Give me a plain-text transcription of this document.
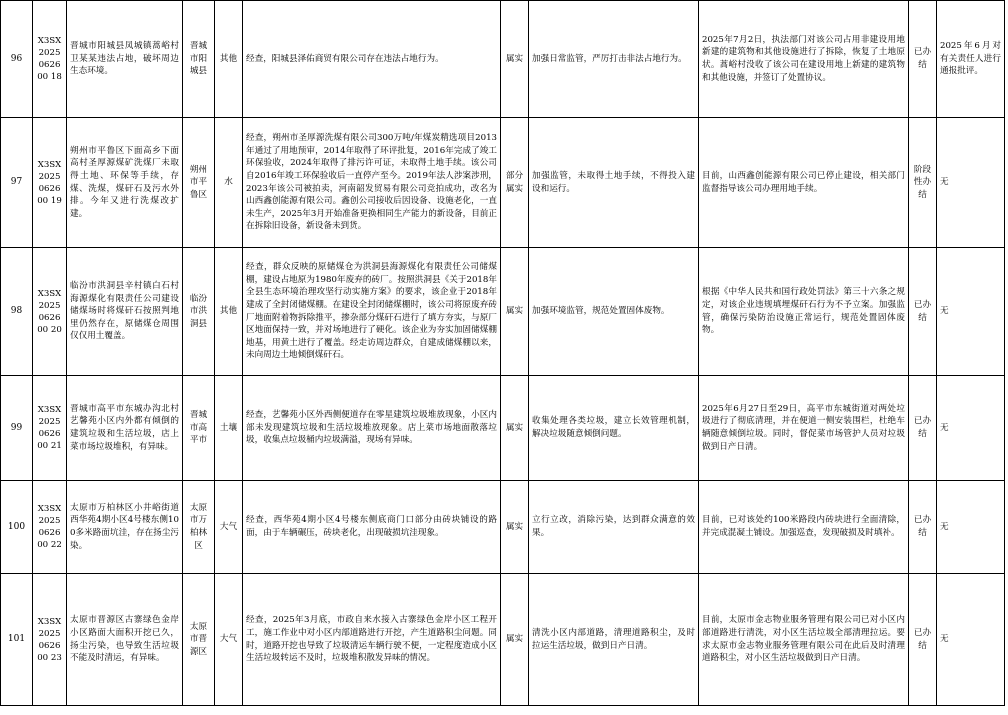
96	X3SX2025062600 18	晋城市阳城县凤城镇蒿峪村卫某某违法占地，破坏周边生态环境。	晋城市阳城县	其他	经查，阳城县泽佑商贸有限公司存在违法占地行为。	属实	加强日常监管，严厉打击非法占地行为。	2025年7月2日，执法部门对该公司占用非建设用地新建的建筑物和其他设施进行了拆除，恢复了土地原状。蒿峪村没收了该公司在建设用地上新建的建筑物和其他设施，并签订了处置协议。	已办结	2025年6月对有关责任人进行通报批评。
97	X3SX2025062600 19	朔州市平鲁区下面高乡下面高村圣厚源煤矿洗煤厂未取得土地、环保等手续，存煤、洗煤，煤矸石及污水外排。今年又进行洗煤改扩建。	朔州市平鲁区	水	经查，朔州市圣厚源洗煤有限公司300万吨/年煤炭精选项目2013年通过了用地预审，2014年取得了环评批复，2016年完成了竣工环保验收，2024年取得了排污许可证，未取得土地手续。该公司自2016年竣工环保验收后一直停产至今。2019年法人涉案涉刑，2023年该公司被拍卖，河南韶发贸易有限公司竞拍成功，改名为山西鑫创能源有限公司。鑫创公司接收后因设备、设施老化，一直未生产，2025年3月开始准备更换相同生产能力的新设备，目前正在拆除旧设备，新设备未到货。	部分属实	加强监管，未取得土地手续，不得投入建设和运行。	目前，山西鑫创能源有限公司已停止建设，相关部门监督指导该公司办理用地手续。	阶段性办结	无
98	X3SX2025062600 20	临汾市洪洞县辛村镇白石村海源煤化有限责任公司建设储煤场时将煤矸石按照判地里仍然存在，原储煤仓周围仅仅用土覆盖。	临汾市洪洞县	其他	经查，群众反映的原储煤仓为洪洞县海源煤化有限责任公司储煤棚，建设占地原为1980年废弃的砖厂。按照洪洞县《关于2018年全县生态环境治理攻坚行动实施方案》的要求，该企业于2018年建成了全封闭储煤棚。在建设全封闭储煤棚时，该公司将原废弃砖厂地面附着物拆除推平，掺杂部分煤矸石进行了填方夯实，与原厂区地面保持一致，并对场地进行了硬化。该企业为夯实加固储煤棚地基，用黄土进行了覆盖。经走访周边群众，自建成储煤棚以来，未向周边土地倾倒煤矸石。	属实	加强环境监管，规范处置固体废物。	根据《中华人民共和国行政处罚法》第三十六条之规定，对该企业违规填埋煤矸石行为不予立案。加强监管，确保污染防治设施正常运行，规范处置固体废物。	已办结	无
99	X3SX2025062600 21	晋城市高平市东城办沟北村艺馨苑小区内外都有倾倒的建筑垃圾和生活垃圾，店上菜市场垃圾堆积，有异味。	晋城市高平市	土壤	经查，艺馨苑小区外西侧便道存在零星建筑垃圾堆放现象，小区内部未发现建筑垃圾和生活垃圾堆放现象。店上菜市场地面散落垃圾，收集点垃圾桶内垃圾满溢，现场有异味。	属实	收集处理各类垃圾，建立长效管理机制，解决垃圾随意倾倒问题。	2025年6月27日至29日，高平市东城街道对两处垃圾进行了彻底清理，并在便道一侧安装围栏，杜绝车辆随意倾倒垃圾。同时，督促菜市场管护人员对垃圾做到日产日清。	已办结	无
100	X3SX2025062600 22	太原市万柏林区小井峪街道西华苑4期小区4号楼东侧100多米路面坑洼，存在扬尘污染。	太原市万柏林区	大气	经查，西华苑4期小区4号楼东侧底商门口部分由砖块铺设的路面，由于车辆碾压，砖块老化，出现破损坑洼现象。	属实	立行立改，消除污染，达到群众满意的效果。	目前，已对该处约100米路段内砖块进行全面清除，并完成混凝土铺设。加强巡查，发现破损及时填补。	已办结	无
101	X3SX2025062600 23	太原市晋源区古寨绿色金岸小区路面大面积开挖已久，扬尘污染，也导致生活垃圾不能及时清运，有异味。	太原市晋源区	大气	经查，2025年3月底，市政自来水接入古寨绿色金岸小区工程开工，施工作业中对小区内部道路进行开挖，产生道路积尘问题。同时，道路开挖也导致了垃圾清运车辆行驶不便，一定程度造成小区生活垃圾转运不及时，垃圾堆积散发异味的情况。	属实	清洗小区内部道路，清理道路积尘，及时拉运生活垃圾，做到日产日清。	目前，太原市金志物业服务管理有限公司已对小区内部道路进行清洗，对小区生活垃圾全部清理拉运。要求太原市金志物业服务管理有限公司在此后及时清理道路积尘，对小区生活垃圾做到日产日清。	已办结	无
